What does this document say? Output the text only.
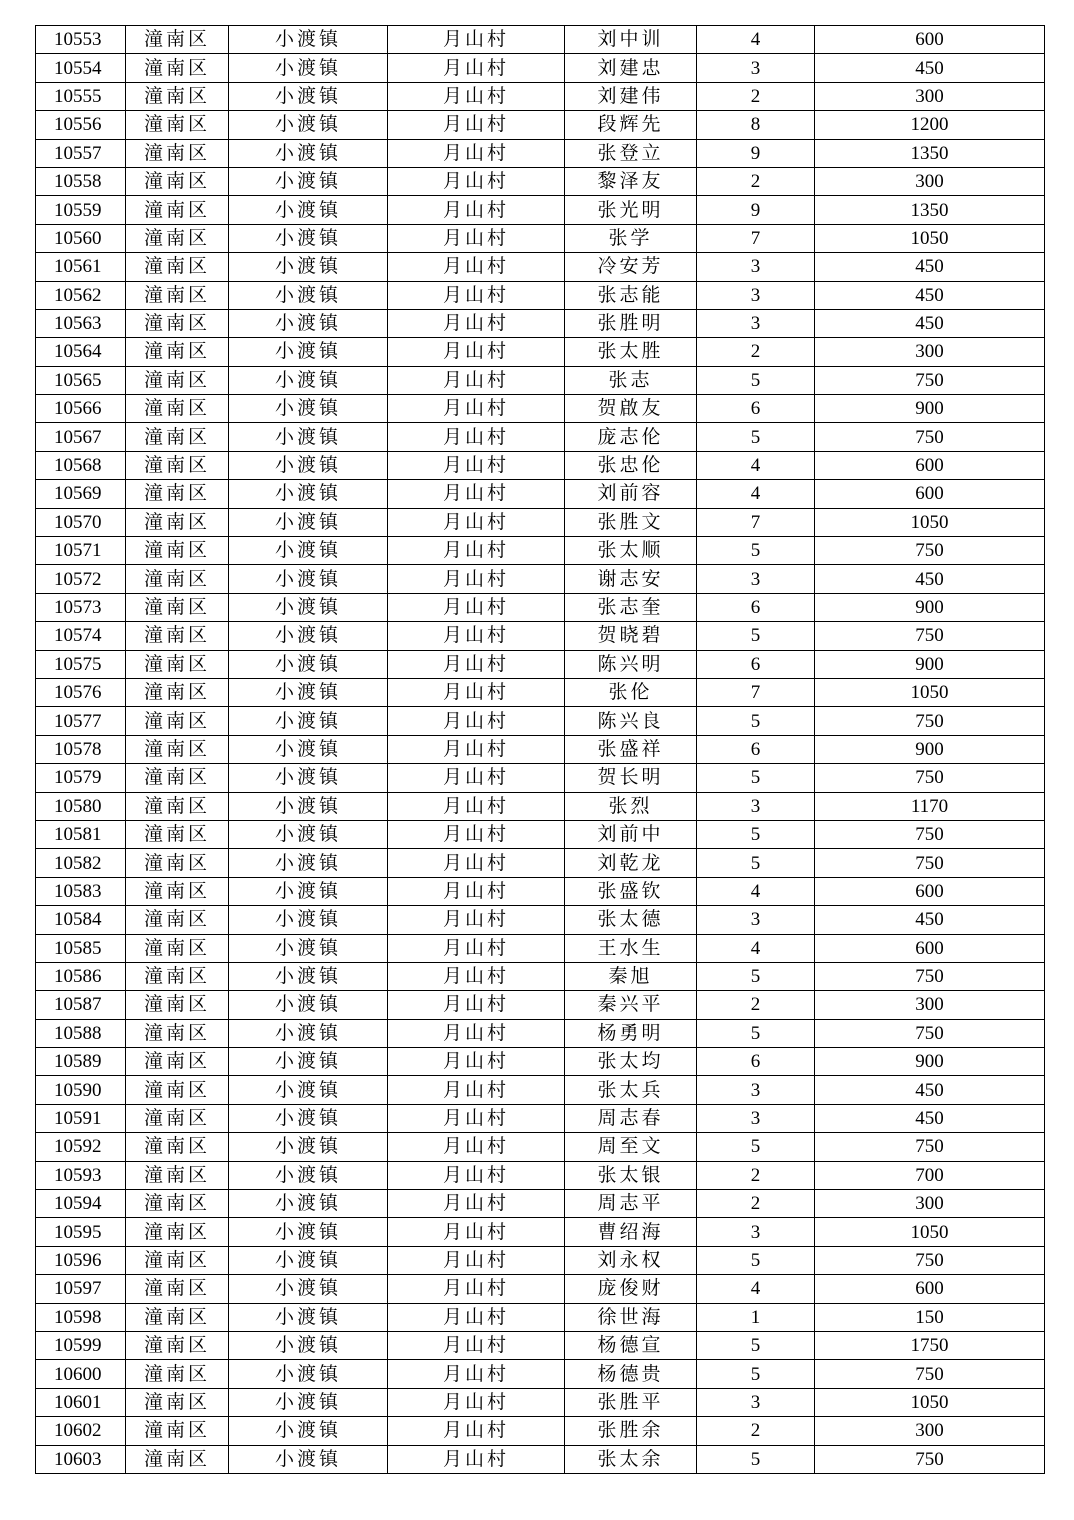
10553	潼南区	小渡镇	月山村	刘中训	4	600
10554	潼南区	小渡镇	月山村	刘建忠	3	450
10555	潼南区	小渡镇	月山村	刘建伟	2	300
10556	潼南区	小渡镇	月山村	段辉先	8	1200
10557	潼南区	小渡镇	月山村	张登立	9	1350
10558	潼南区	小渡镇	月山村	黎泽友	2	300
10559	潼南区	小渡镇	月山村	张光明	9	1350
10560	潼南区	小渡镇	月山村	张学	7	1050
10561	潼南区	小渡镇	月山村	冷安芳	3	450
10562	潼南区	小渡镇	月山村	张志能	3	450
10563	潼南区	小渡镇	月山村	张胜明	3	450
10564	潼南区	小渡镇	月山村	张太胜	2	300
10565	潼南区	小渡镇	月山村	张志	5	750
10566	潼南区	小渡镇	月山村	贺啟友	6	900
10567	潼南区	小渡镇	月山村	庞志伦	5	750
10568	潼南区	小渡镇	月山村	张忠伦	4	600
10569	潼南区	小渡镇	月山村	刘前容	4	600
10570	潼南区	小渡镇	月山村	张胜文	7	1050
10571	潼南区	小渡镇	月山村	张太顺	5	750
10572	潼南区	小渡镇	月山村	谢志安	3	450
10573	潼南区	小渡镇	月山村	张志奎	6	900
10574	潼南区	小渡镇	月山村	贺晓碧	5	750
10575	潼南区	小渡镇	月山村	陈兴明	6	900
10576	潼南区	小渡镇	月山村	张伦	7	1050
10577	潼南区	小渡镇	月山村	陈兴良	5	750
10578	潼南区	小渡镇	月山村	张盛祥	6	900
10579	潼南区	小渡镇	月山村	贺长明	5	750
10580	潼南区	小渡镇	月山村	张烈	3	1170
10581	潼南区	小渡镇	月山村	刘前中	5	750
10582	潼南区	小渡镇	月山村	刘乾龙	5	750
10583	潼南区	小渡镇	月山村	张盛钦	4	600
10584	潼南区	小渡镇	月山村	张太德	3	450
10585	潼南区	小渡镇	月山村	王水生	4	600
10586	潼南区	小渡镇	月山村	秦旭	5	750
10587	潼南区	小渡镇	月山村	秦兴平	2	300
10588	潼南区	小渡镇	月山村	杨勇明	5	750
10589	潼南区	小渡镇	月山村	张太均	6	900
10590	潼南区	小渡镇	月山村	张太兵	3	450
10591	潼南区	小渡镇	月山村	周志春	3	450
10592	潼南区	小渡镇	月山村	周至文	5	750
10593	潼南区	小渡镇	月山村	张太银	2	700
10594	潼南区	小渡镇	月山村	周志平	2	300
10595	潼南区	小渡镇	月山村	曹绍海	3	1050
10596	潼南区	小渡镇	月山村	刘永权	5	750
10597	潼南区	小渡镇	月山村	庞俊财	4	600
10598	潼南区	小渡镇	月山村	徐世海	1	150
10599	潼南区	小渡镇	月山村	杨德宣	5	1750
10600	潼南区	小渡镇	月山村	杨德贵	5	750
10601	潼南区	小渡镇	月山村	张胜平	3	1050
10602	潼南区	小渡镇	月山村	张胜余	2	300
10603	潼南区	小渡镇	月山村	张太余	5	750
